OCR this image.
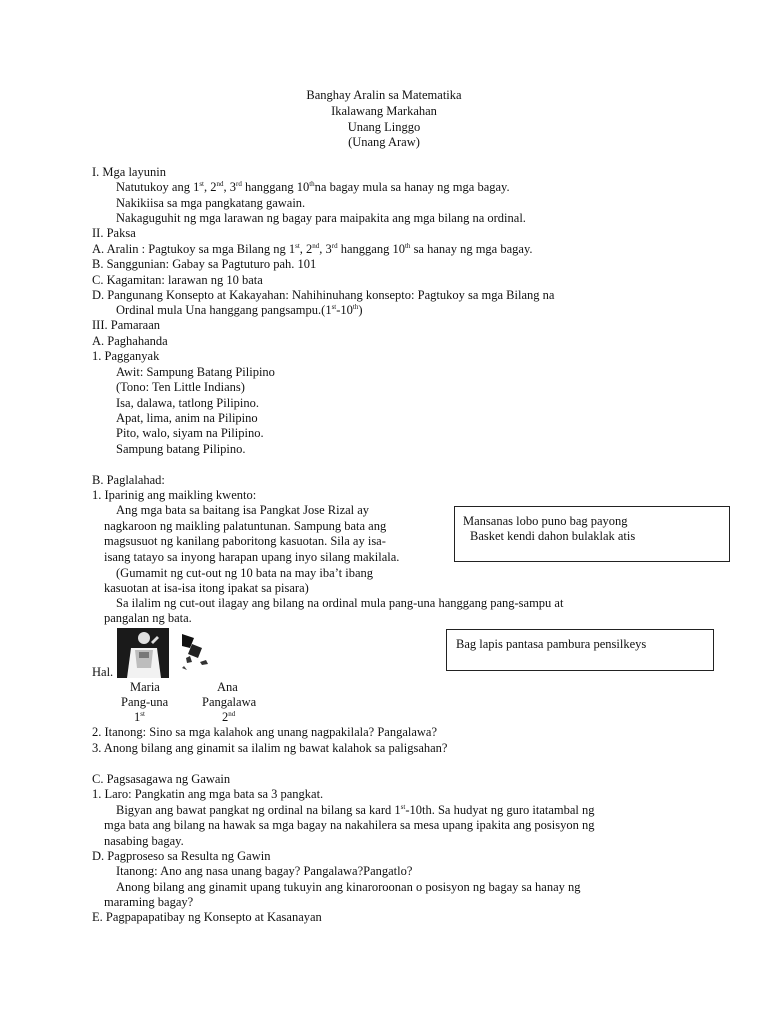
Banghay Aralin sa Matematika
Ikalawang Markahan
Unang Linggo
(Unang Araw)
I. Mga layunin
Natutukoy ang 1st, 2nd, 3rd hanggang 10thna bagay mula sa hanay ng mga bagay.
Nakikiisa sa mga pangkatang gawain.
Nakaguguhit ng mga larawan ng bagay para maipakita ang mga bilang na ordinal.
II. Paksa
A. Aralin : Pagtukoy sa mga Bilang ng 1st, 2nd, 3rd hanggang 10th sa hanay ng mga bagay.
B. Sanggunian: Gabay sa Pagtuturo pah. 101
C. Kagamitan: larawan ng 10 bata
D. Pangunang Konsepto at Kakayahan: Nahihinuhang konsepto: Pagtukoy sa mga Bilang na
Ordinal mula Una hanggang pangsampu.(1st-10th)
III. Pamaraan
A. Paghahanda
1. Pagganyak
Awit: Sampung Batang Pilipino
(Tono: Ten Little Indians)
Isa, dalawa, tatlong Pilipino.
Apat, lima, anim na Pilipino
Pito, walo, siyam na Pilipino.
Sampung batang Pilipino.
B. Paglalahad:
1. Iparinig ang maikling kwento:
Ang mga bata sa baitang isa Pangkat Jose Rizal ay
nagkaroon ng maikling palatuntunan. Sampung bata ang
magsusuot ng kanilang paboritong kasuotan. Sila ay isa-
isang tatayo sa inyong harapan upang inyo silang makilala.
(Gumamit ng cut-out ng 10 bata na may iba’t ibang
kasuotan at isa-isa itong ipakat sa pisara)
Sa ilalim ng cut-out ilagay ang bilang na ordinal mula pang-una hanggang pang-sampu at
pangalan ng bata.
Mansanas lobo puno bag payong
Basket kendi dahon bulaklak atis
Bag lapis pantasa pambura pensilkeys
Hal.
Maria	Ana
Pang-una	Pangalawa
1st	2nd
2. Itanong: Sino sa mga kalahok ang unang nagpakilala? Pangalawa?
3. Anong bilang ang ginamit sa ilalim ng bawat kalahok sa paligsahan?
C. Pagsasagawa ng Gawain
1. Laro: Pangkatin ang mga bata sa 3 pangkat.
Bigyan ang bawat pangkat ng ordinal na bilang sa kard 1st-10th. Sa hudyat ng guro itatambal ng
mga bata ang bilang na hawak sa mga bagay na nakahilera sa mesa upang ipakita ang posisyon ng
nasabing bagay.
D. Pagproseso sa Resulta ng Gawin
Itanong: Ano ang nasa unang bagay? Pangalawa?Pangatlo?
Anong bilang ang ginamit upang tukuyin ang kinaroroonan o posisyon ng bagay sa hanay ng
maraming bagay?
E. Pagpapapatibay ng Konsepto at Kasanayan
